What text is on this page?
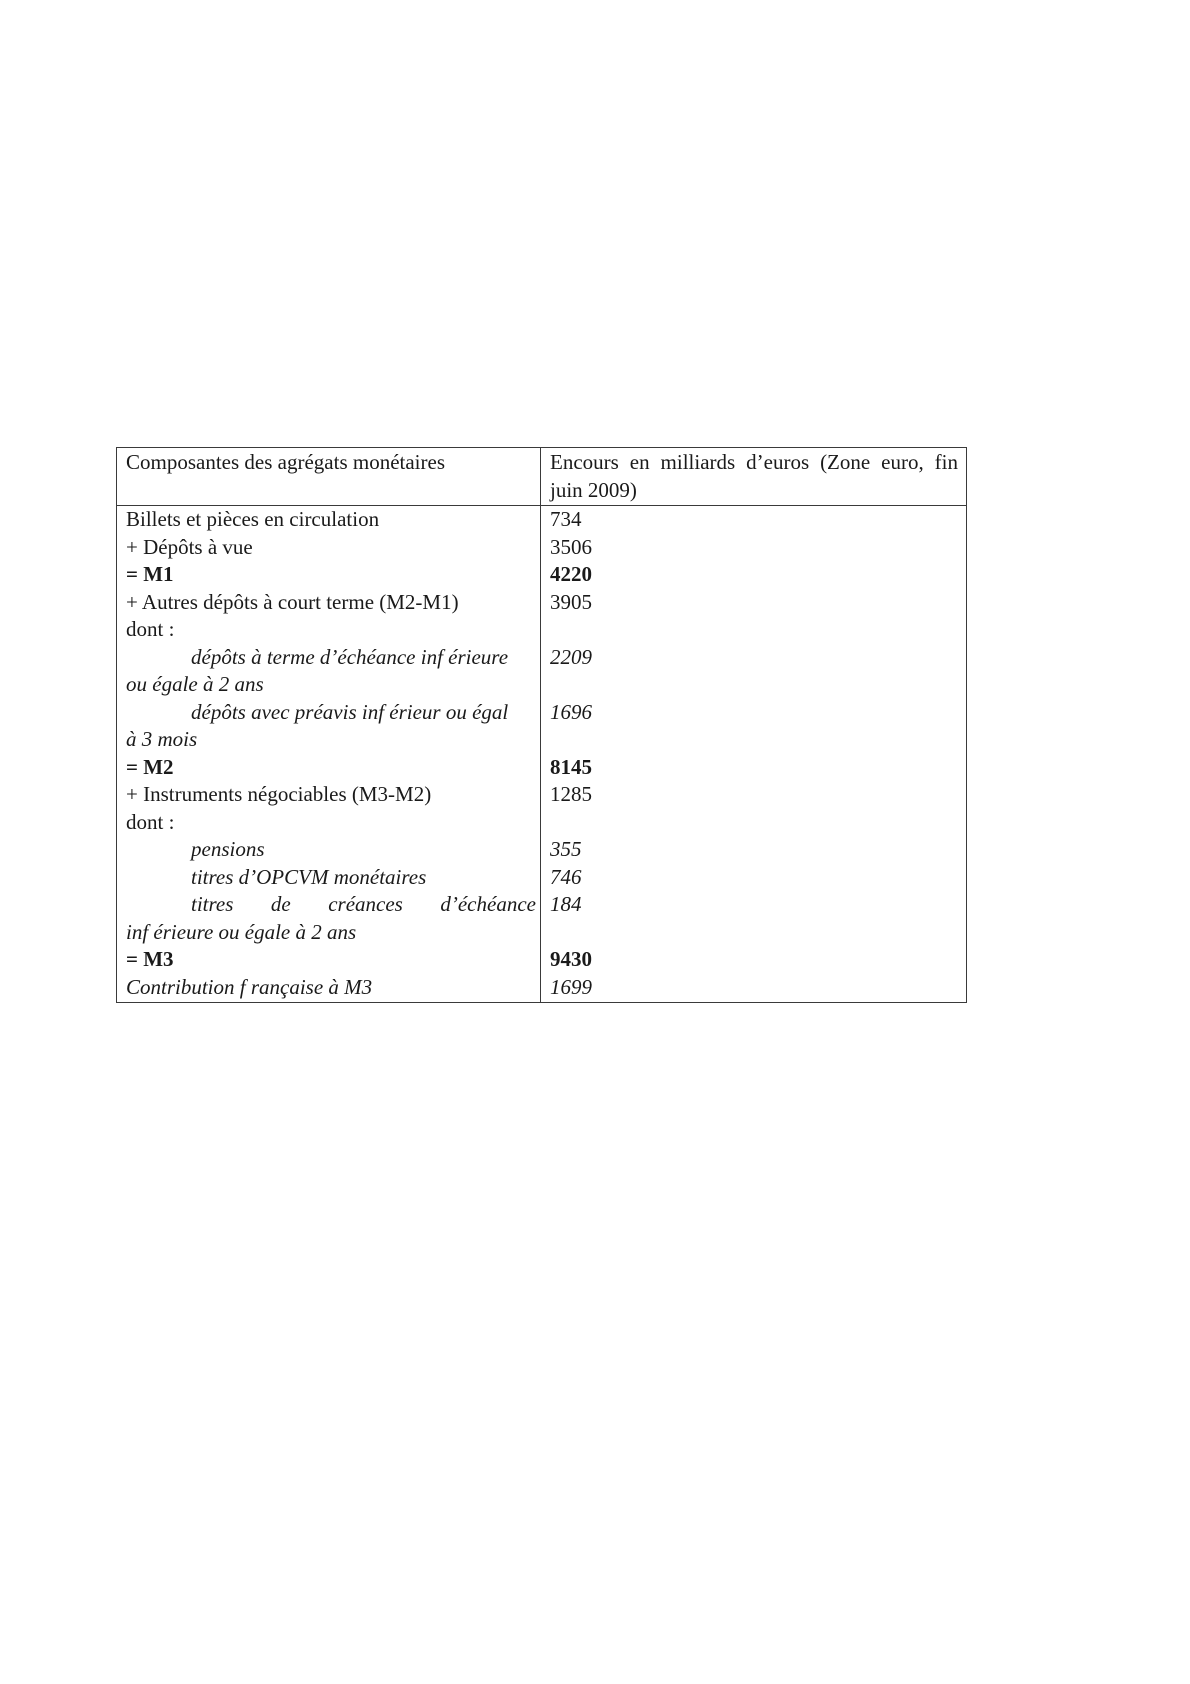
Composantes des agrégats monétaires	Encours en milliards d’euros (Zone euro, fin juin 2009)
Billets et pièces en circulation
+ Dépôts à vue
= M1
+ Autres dépôts à court terme (M2-M1)
dont :
dépôts à terme d’échéance inf érieure
ou égale à 2 ans
dépôts avec préavis inf érieur ou égal
à 3 mois
= M2
+ Instruments négociables (M3-M2)
dont :
pensions
titres d’OPCVM monétaires
titres de créances d’échéance
inf érieure ou égale à 2 ans
= M3
Contribution f rançaise à M3
734
3506
4220
3905

2209

1696

8145
1285

355
746
184

9430
1699
